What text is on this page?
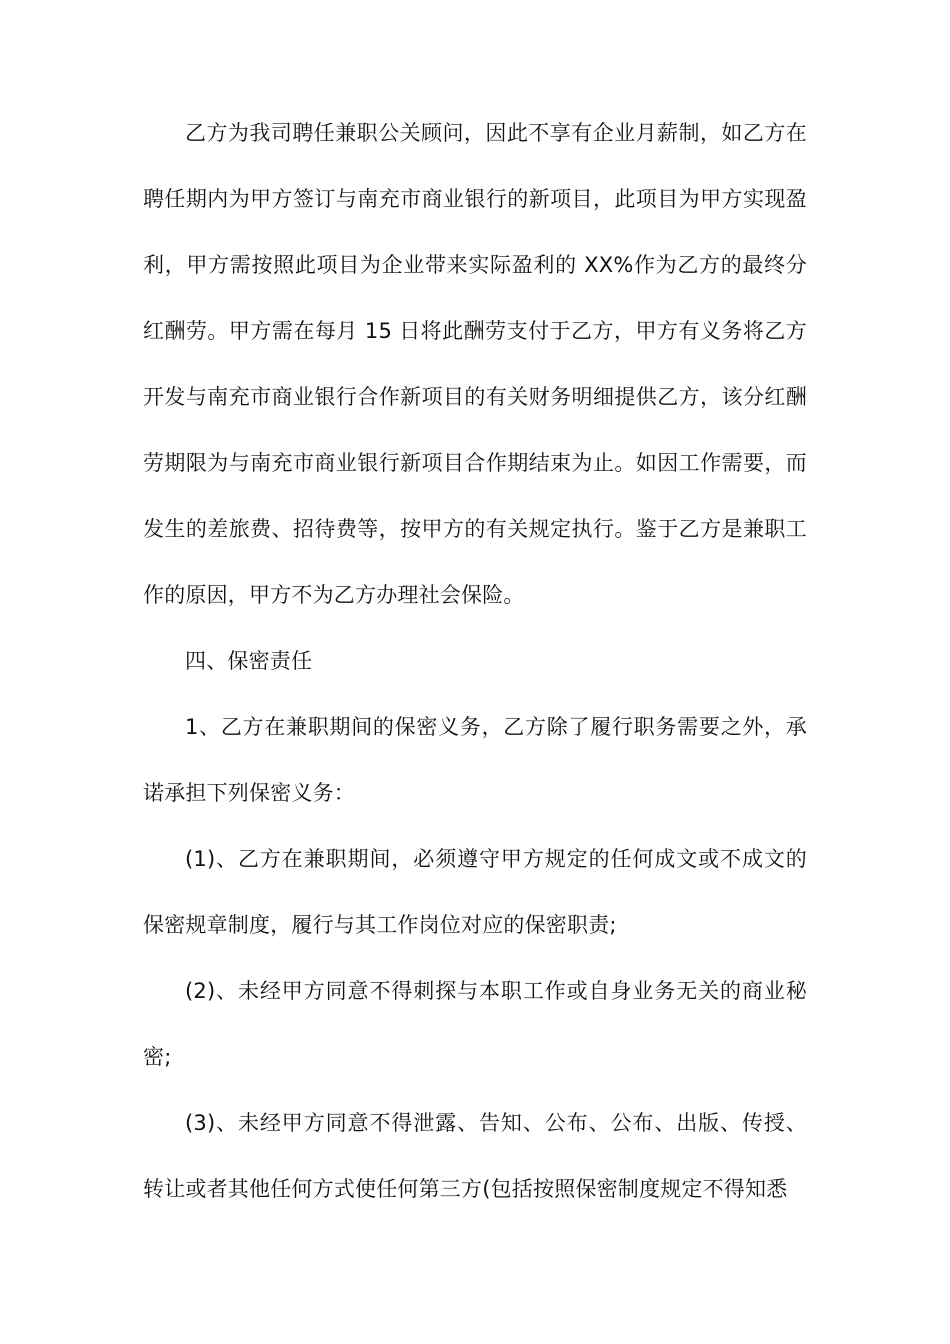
乙方为我司聘任兼职公关顾问，因此不享有企业月薪制，如乙方在聘任期内为甲方签订与南充市商业银行的新项目，此项目为甲方实现盈利，甲方需按照此项目为企业带来实际盈利的 XX%作为乙方的最终分红酬劳。甲方需在每月 15 日将此酬劳支付于乙方，甲方有义务将乙方开发与南充市商业银行合作新项目的有关财务明细提供乙方，该分红酬劳期限为与南充市商业银行新项目合作期结束为止。如因工作需要，而发生的差旅费、招待费等，按甲方的有关规定执行。鉴于乙方是兼职工作的原因，甲方不为乙方办理社会保险。

四、保密责任

1、乙方在兼职期间的保密义务，乙方除了履行职务需要之外，承诺承担下列保密义务：

(1)、乙方在兼职期间，必须遵守甲方规定的任何成文或不成文的保密规章制度，履行与其工作岗位对应的保密职责;

(2)、未经甲方同意不得刺探与本职工作或自身业务无关的商业秘密;

(3)、未经甲方同意不得泄露、告知、公布、公布、出版、传授、转让或者其他任何方式使任何第三方(包括按照保密制度规定不得知悉
